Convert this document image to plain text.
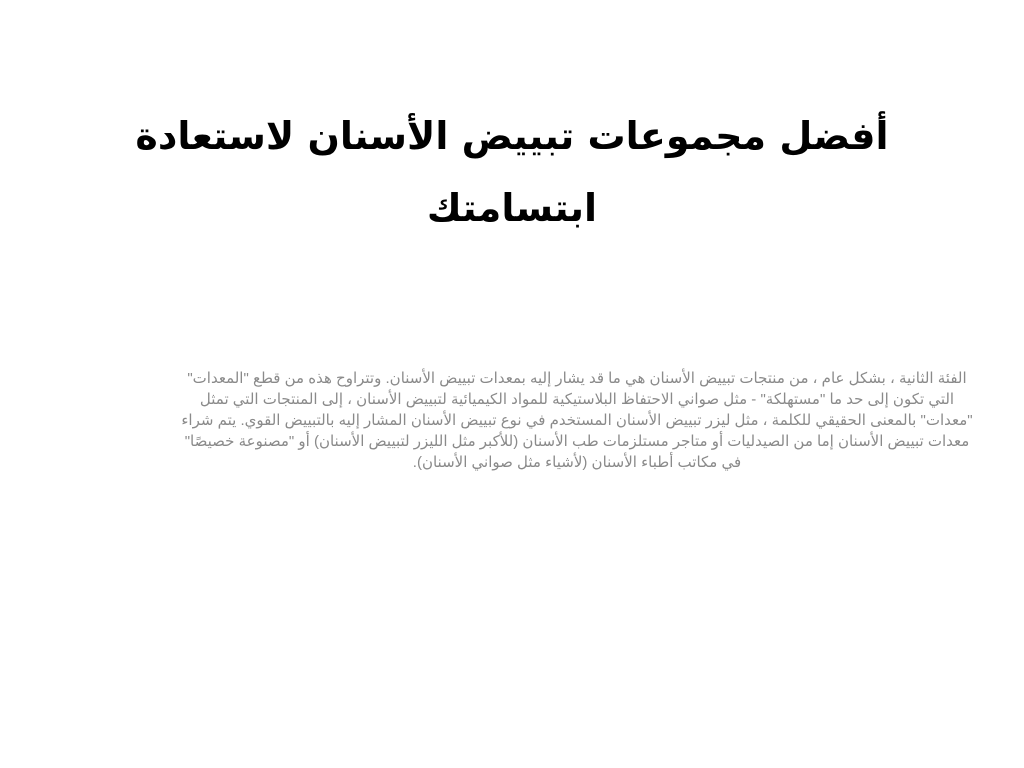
أفضل مجموعات تبييض الأسنان لاستعادة ابتسامتك

الفئة الثانية ، بشكل عام ، من منتجات تبييض الأسنان هي ما قد يشار إليه بمعدات تبييض الأسنان. وتتراوح هذه من قطع "المعدات" التي تكون إلى حد ما "مستهلكة" - مثل صواني الاحتفاظ البلاستيكية للمواد الكيميائية لتبييض الأسنان ، إلى المنتجات التي تمثل "معدات" بالمعنى الحقيقي للكلمة ، مثل ليزر تبييض الأسنان المستخدم في نوع تبييض الأسنان المشار إليه بالتبييض القوي. يتم شراء معدات تبييض الأسنان إما من الصيدليات أو متاجر مستلزمات طب الأسنان (للأكبر مثل الليزر لتبييض الأسنان) أو "مصنوعة خصيصًا" في مكاتب أطباء الأسنان (لأشياء مثل صواني الأسنان).
